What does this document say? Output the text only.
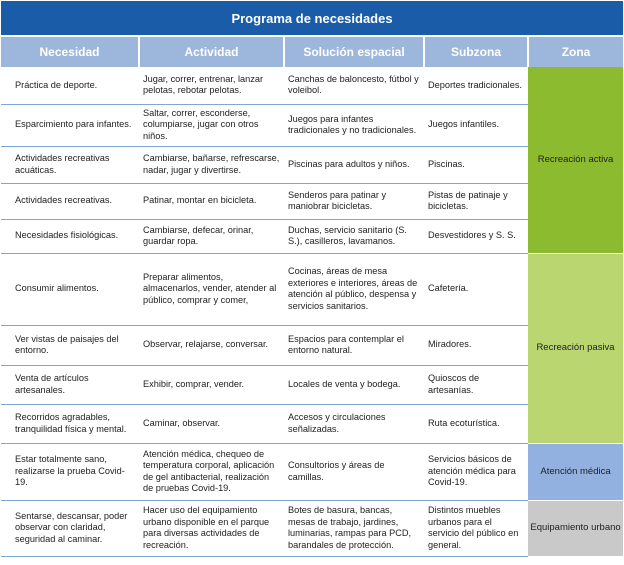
Programa de necesidades				
Necesidad	Actividad	Solución espacial	Subzona	Zona
Práctica de deporte.	Jugar, correr, entrenar, lanzar pelotas, rebotar pelotas.	Canchas de baloncesto, fútbol y voleibol.	Deportes tradicionales.	Recreación activa
Esparcimiento para infantes.	Saltar, correr, esconderse, columpiarse, jugar con otros niños.	Juegos para infantes tradicionales y no tradicionales.	Juegos infantiles.	
Actividades recreativas acuáticas.	Cambiarse, bañarse, refrescarse, nadar, jugar y divertirse.	Piscinas para adultos y niños.	Piscinas.	
Actividades recreativas.	Patinar, montar en bicicleta.	Senderos para patinar y maniobrar bicicletas.	Pistas de patinaje y bicicletas.	
Necesidades fisiológicas.	Cambiarse, defecar, orinar, guardar ropa.	Duchas, servicio sanitario (S. S.), casilleros, lavamanos.	Desvestidores y S. S.	
Consumir alimentos.	Preparar alimentos, almacenarlos, vender, atender al público, comprar y comer,	Cocinas, áreas de mesa exteriores e interiores, áreas de atención al público, despensa y servicios sanitarios.	Cafetería.	Recreación pasiva
Ver vistas de paisajes del entorno.	Observar, relajarse, conversar.	Espacios para contemplar el entorno natural.	Miradores.	
Venta de artículos artesanales.	Exhibir, comprar, vender.	Locales de venta y bodega.	Quioscos de artesanías.	
Recorridos agradables, tranquilidad física y mental.	Caminar, observar.	Accesos y circulaciones señalizadas.	Ruta ecoturística.	
Estar totalmente sano, realizarse la prueba Covid-19.	Atención médica, chequeo de temperatura corporal, aplicación de gel antibacterial, realización de pruebas Covid-19.	Consultorios y áreas de camillas.	Servicios básicos de atención médica para Covid-19.	Atención médica
Sentarse, descansar, poder observar con claridad, seguridad al caminar.	Hacer uso del equipamiento urbano disponible en el parque para diversas actividades de recreación.	Botes de basura, bancas, mesas de trabajo, jardines, luminarias, rampas para PCD, barandales de protección.	Distintos muebles urbanos para el servicio del público en general.	Equipamiento urbano
